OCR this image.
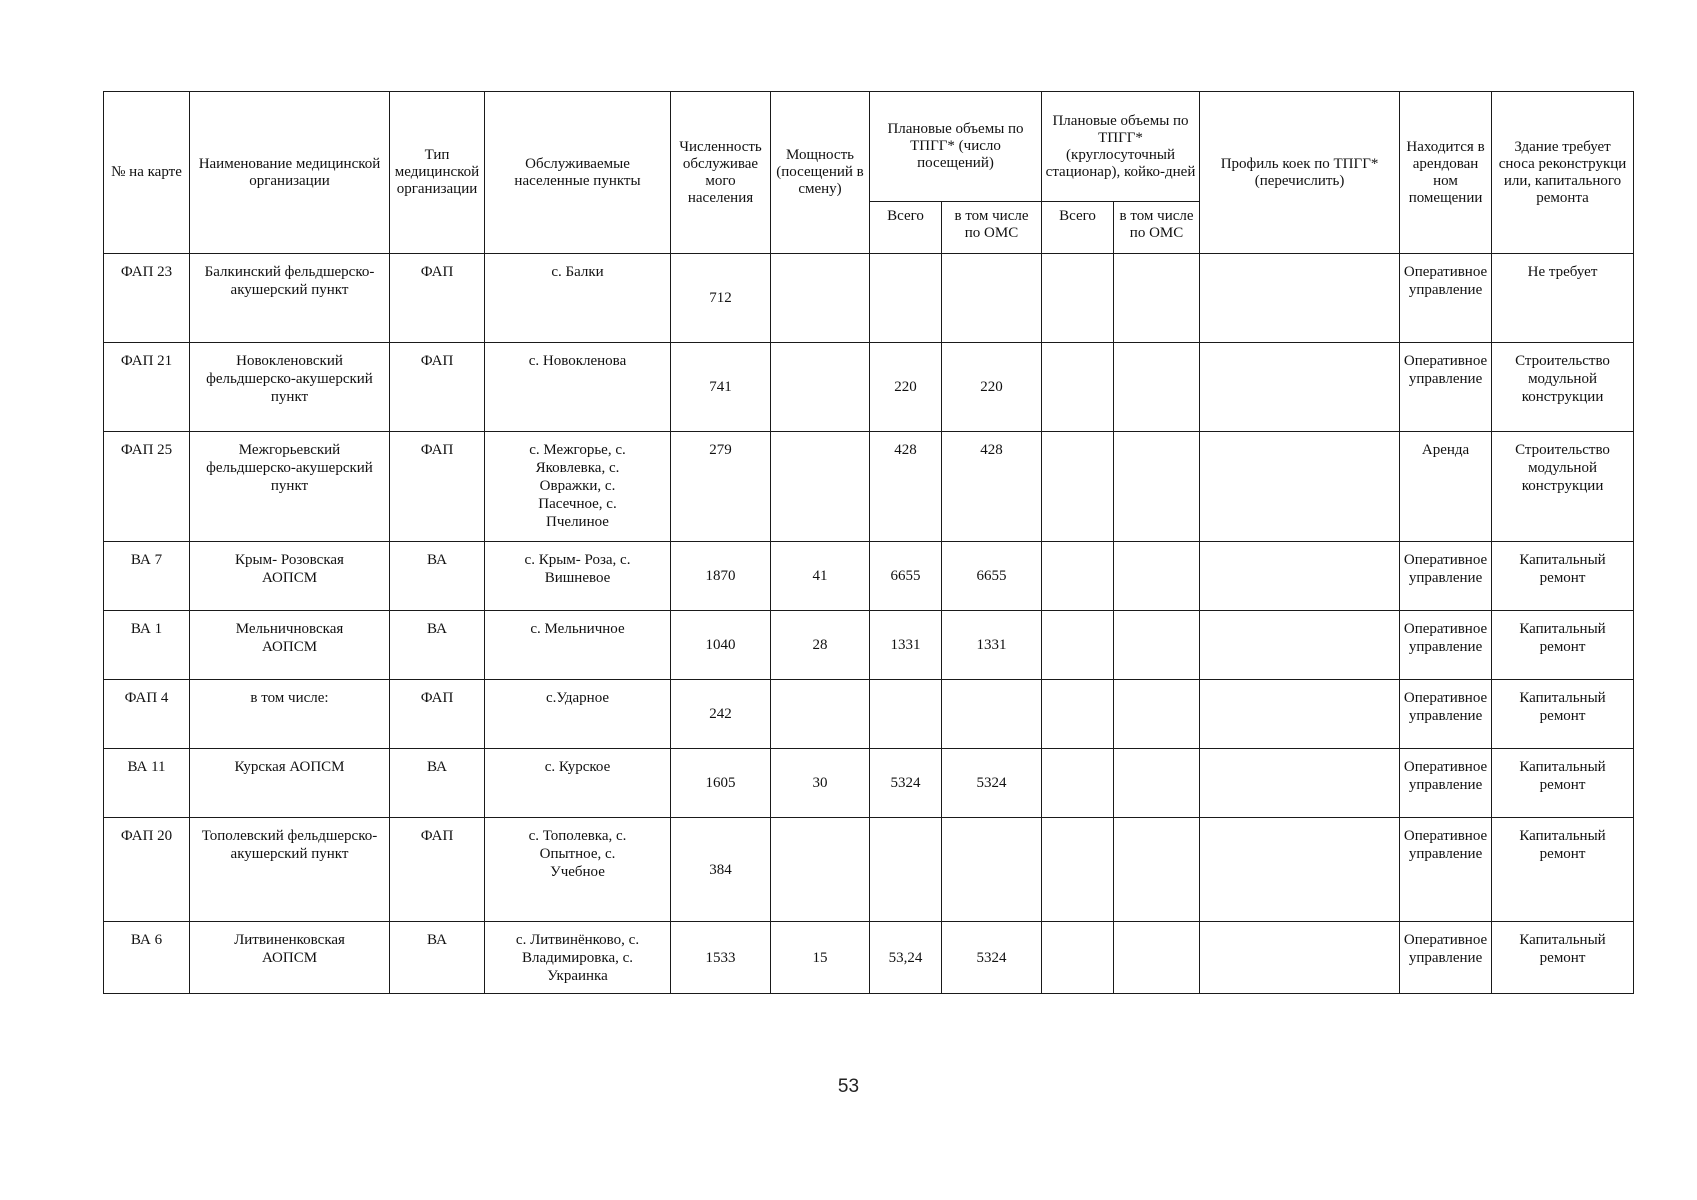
№ на карте	Наименование медицинской организации	Тип медицинской организации	Обслуживаемые населенные пункты	Численность обслуживае мого населения	Мощность (посещений в смену)	Плановые объемы по ТПГГ* (число посещений)		Плановые объемы по ТПГГ* (круглосуточный стационар), койко-дней		Профиль коек по ТПГГ* (перечислить)	Находится в арендован ном помещении	Здание требует сноса реконструкци или, капитального ремонта
						Всего	в том числе по ОМС	Всего	в том числе по ОМС			
ФАП 23	Балкинский фельдшерско-акушерский пункт	ФАП	с. Балки	712							Оперативное управление	Не требует
ФАП 21	Новокленовский фельдшерско-акушерский пункт	ФАП	с. Новокленова	741		220	220				Оперативное управление	Строительство модульной конструкции
ФАП 25	Межгорьевский фельдшерско-акушерский пункт	ФАП	с. Межгорье, с. Яковлевка, с. Овражки, с. Пасечное, с. Пчелиное	279		428	428				Аренда	Строительство модульной конструкции
ВА 7	Крым- Розовская АОПСМ	ВА	с. Крым- Роза, с. Вишневое	1870	41	6655	6655				Оперативное управление	Капитальный ремонт
ВА 1	Мельничновская АОПСМ	ВА	с. Мельничное	1040	28	1331	1331				Оперативное управление	Капитальный ремонт
ФАП 4	в том числе:	ФАП	с.Ударное	242							Оперативное управление	Капитальный ремонт
ВА 11	Курская АОПСМ	ВА	с. Курское	1605	30	5324	5324				Оперативное управление	Капитальный ремонт
ФАП 20	Тополевский фельдшерско-акушерский пункт	ФАП	с. Тополевка, с. Опытное, с. Учебное	384							Оперативное управление	Капитальный ремонт
ВА 6	Литвиненковская АОПСМ	ВА	с. Литвинёнково, с. Владимировка, с. Украинка	1533	15	53,24	5324				Оперативное управление	Капитальный ремонт
53
